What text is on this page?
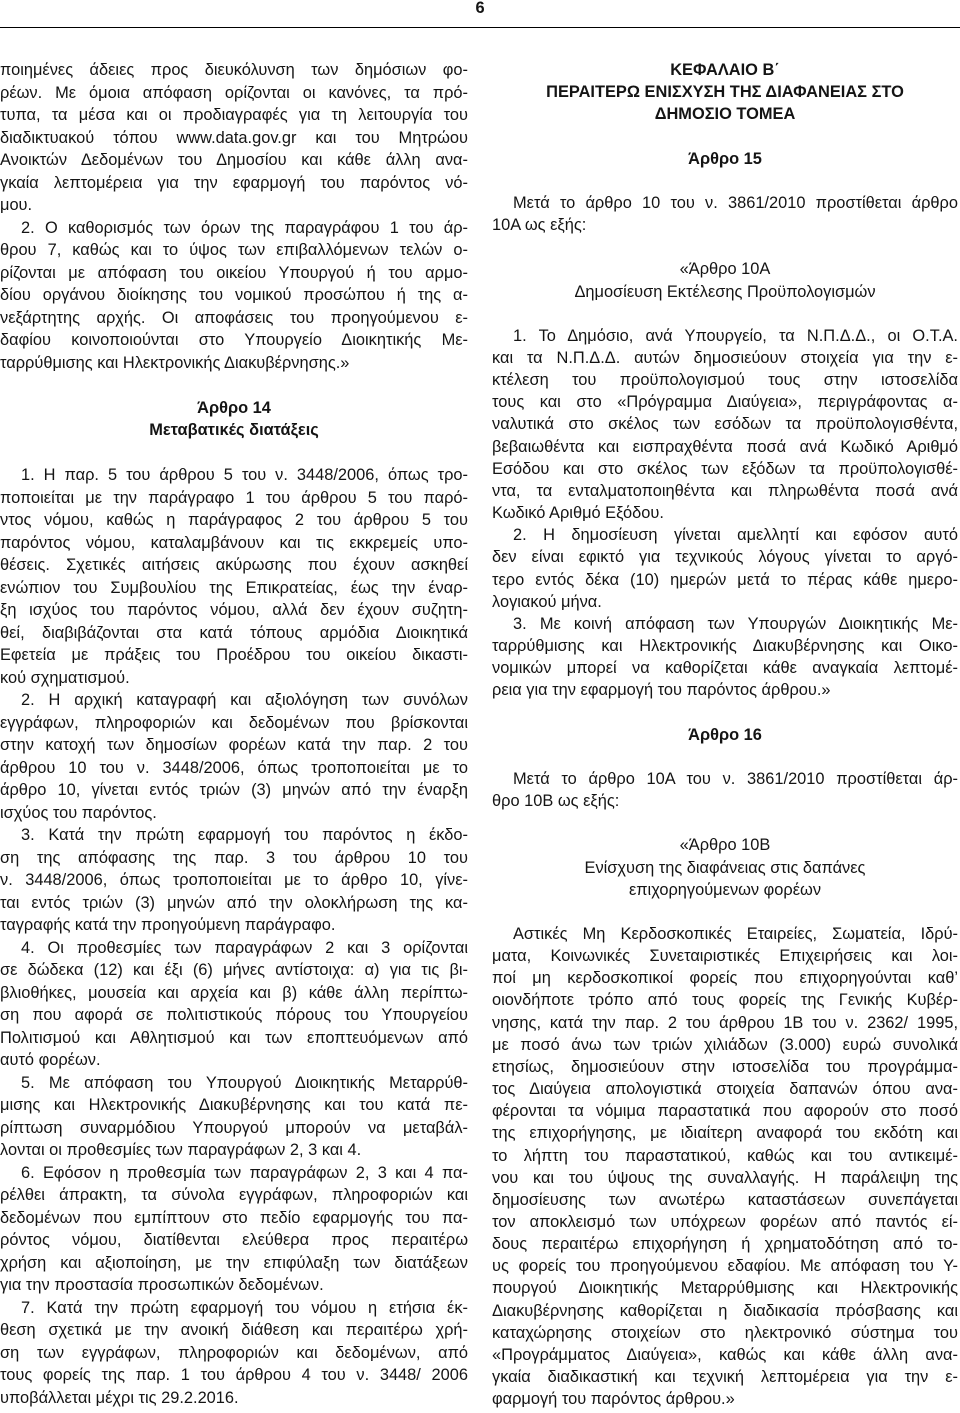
6
ποιημένες άδειες προς διευκόλυνση των δημόσιων φο-
ρέων. Με όμοια απόφαση ορίζονται οι κανόνες, τα πρό-
τυπα, τα μέσα και οι προδιαγραφές για τη λειτουργία του
διαδικτυακού τόπου www.data.gov.gr και του Μητρώου
Ανοικτών Δεδομένων του Δημοσίου και κάθε άλλη ανα-
γκαία λεπτομέρεια για την εφαρμογή του παρόντος νό-
μου.
2. Ο καθορισμός των όρων της παραγράφου 1 του άρ-
θρου 7, καθώς και το ύψος των επιβαλλόμενων τελών ο-
ρίζονται με απόφαση του οικείου Υπουργού ή του αρμο-
δίου οργάνου διοίκησης του νομικού προσώπου ή της α-
νεξάρτητης αρχής. Οι αποφάσεις του προηγούμενου ε-
δαφίου κοινοποιούνται στο Υπουργείο Διοικητικής Με-
ταρρύθμισης και Ηλεκτρονικής Διακυβέρνησης.»
Άρθρο 14
Μεταβατικές διατάξεις
1. Η παρ. 5 του άρθρου 5 του ν. 3448/2006, όπως τρο-
ποποιείται με την παράγραφο 1 του άρθρου 5 του παρό-
ντος νόμου, καθώς η παράγραφος 2 του άρθρου 5 του
παρόντος νόμου, καταλαμβάνουν και τις εκκρεμείς υπο-
θέσεις. Σχετικές αιτήσεις ακύρωσης που έχουν ασκηθεί
ενώπιον του Συμβουλίου της Επικρατείας, έως την έναρ-
ξη ισχύος του παρόντος νόμου, αλλά δεν έχουν συζητη-
θεί, διαβιβάζονται στα κατά τόπους αρμόδια Διοικητικά
Εφετεία με πράξεις του Προέδρου του οικείου δικαστι-
κού σχηματισμού.
2. Η αρχική καταγραφή και αξιολόγηση των συνόλων
εγγράφων, πληροφοριών και δεδομένων που βρίσκονται
στην κατοχή των δημοσίων φορέων κατά την παρ. 2 του
άρθρου 10 του ν. 3448/2006, όπως τροποποιείται με το
άρθρο 10, γίνεται εντός τριών (3) μηνών από την έναρξη
ισχύος του παρόντος.
3. Κατά την πρώτη εφαρμογή του παρόντος η έκδο-
ση της απόφασης της παρ. 3 του άρθρου 10 του
ν. 3448/2006, όπως τροποποιείται με το άρθρο 10, γίνε-
ται εντός τριών (3) μηνών από την ολοκλήρωση της κα-
ταγραφής κατά την προηγούμενη παράγραφο.
4. Οι προθεσμίες των παραγράφων 2 και 3 ορίζονται
σε δώδεκα (12) και έξι (6) μήνες αντίστοιχα: α) για τις βι-
βλιοθήκες, μουσεία και αρχεία και β) κάθε άλλη περίπτω-
ση που αφορά σε πολιτιστικούς πόρους του Υπουργείου
Πολιτισμού και Αθλητισμού και των εποπτευόμενων από
αυτό φορέων.
5. Με απόφαση του Υπουργού Διοικητικής Μεταρρύθ-
μισης και Ηλεκτρονικής Διακυβέρνησης και του κατά πε-
ρίπτωση συναρμόδιου Υπουργού μπορούν να μεταβάλ-
λονται οι προθεσμίες των παραγράφων 2, 3 και 4.
6. Εφόσον η προθεσμία των παραγράφων 2, 3 και 4 πα-
ρέλθει άπρακτη, τα σύνολα εγγράφων, πληροφοριών και
δεδομένων που εμπίπτουν στο πεδίο εφαρμογής του πα-
ρόντος νόμου, διατίθενται ελεύθερα προς περαιτέρω
χρήση και αξιοποίηση, με την επιφύλαξη των διατάξεων
για την προστασία προσωπικών δεδομένων.
7. Κατά την πρώτη εφαρμογή του νόμου η ετήσια έκ-
θεση σχετικά με την ανοική διάθεση και περαιτέρω χρή-
ση των εγγράφων, πληροφοριών και δεδομένων, από
τους φορείς της παρ. 1 του άρθρου 4 του ν. 3448/ 2006
υποβάλλεται μέχρι τις 29.2.2016.
ΚΕΦΑΛΑΙΟ Β΄
ΠΕΡΑΙΤΕΡΩ ΕΝΙΣΧΥΣΗ ΤΗΣ ΔΙΑΦΑΝΕΙΑΣ ΣΤΟ
ΔΗΜΟΣΙΟ ΤΟΜΕΑ
Άρθρο 15
Μετά το άρθρο 10 του ν. 3861/2010 προστίθεται άρθρο
10Α ως εξής:
«Άρθρο 10Α
Δημοσίευση Εκτέλεσης Προϋπολογισμών
1. Το Δημόσιο, ανά Υπουργείο, τα Ν.Π.Δ.Δ., οι Ο.Τ.Α.
και τα Ν.Π.Δ.Δ. αυτών δημοσιεύουν στοιχεία για την ε-
κτέλεση του προϋπολογισμού τους στην ιστοσελίδα
τους και στο «Πρόγραμμα Διαύγεια», περιγράφοντας α-
ναλυτικά στο σκέλος των εσόδων τα προϋπολογισθέντα,
βεβαιωθέντα και εισπραχθέντα ποσά ανά Κωδικό Αριθμό
Εσόδου και στο σκέλος των εξόδων τα προϋπολογισθέ-
ντα, τα ενταλματοποιηθέντα και πληρωθέντα ποσά ανά
Κωδικό Αριθμό Εξόδου.
2. Η δημοσίευση γίνεται αμελλητί και εφόσον αυτό
δεν είναι εφικτό για τεχνικούς λόγους γίνεται το αργό-
τερο εντός δέκα (10) ημερών μετά το πέρας κάθε ημερο-
λογιακού μήνα.
3. Με κοινή απόφαση των Υπουργών Διοικητικής Με-
ταρρύθμισης και Ηλεκτρονικής Διακυβέρνησης και Οικο-
νομικών μπορεί να καθορίζεται κάθε αναγκαία λεπτομέ-
ρεια για την εφαρμογή του παρόντος άρθρου.»
Άρθρο 16
Μετά το άρθρο 10Α του ν. 3861/2010 προστίθεται άρ-
θρο 10Β ως εξής:
«Άρθρο 10Β
Ενίσχυση της διαφάνειας στις δαπάνες
επιχορηγούμενων φορέων
Αστικές Μη Κερδοσκοπικές Εταιρείες, Σωματεία, Ιδρύ-
ματα, Κοινωνικές Συνεταιριστικές Επιχειρήσεις και λοι-
ποί μη κερδοσκοπικοί φορείς που επιχορηγούνται καθ’
οιονδήποτε τρόπο από τους φορείς της Γενικής Κυβέρ-
νησης, κατά την παρ. 2 του άρθρου 1Β του ν. 2362/ 1995,
με ποσό άνω των τριών χιλιάδων (3.000) ευρώ συνολικά
ετησίως, δημοσιεύουν στην ιστοσελίδα του προγράμμα-
τος Διαύγεια απολογιστικά στοιχεία δαπανών όπου ανα-
φέρονται τα νόμιμα παραστατικά που αφορούν στο ποσό
της επιχορήγησης, με ιδιαίτερη αναφορά του εκδότη και
το λήπτη του παραστατικού, καθώς και του αντικειμέ-
νου και του ύψους της συναλλαγής. Η παράλειψη της
δημοσίευσης των ανωτέρω καταστάσεων συνεπάγεται
τον αποκλεισμό των υπόχρεων φορέων από παντός εί-
δους περαιτέρω επιχορήγηση ή χρηματοδότηση από το-
υς φορείς του προηγούμενου εδαφίου. Με απόφαση του Υ-
πουργού Διοικητικής Μεταρρύθμισης και Ηλεκτρονικής
Διακυβέρνησης καθορίζεται η διαδικασία πρόσβασης και
καταχώρησης στοιχείων στο ηλεκτρονικό σύστημα του
«Προγράμματος Διαύγεια», καθώς και κάθε άλλη ανα-
γκαία διαδικαστική και τεχνική λεπτομέρεια για την ε-
φαρμογή του παρόντος άρθρου.»
